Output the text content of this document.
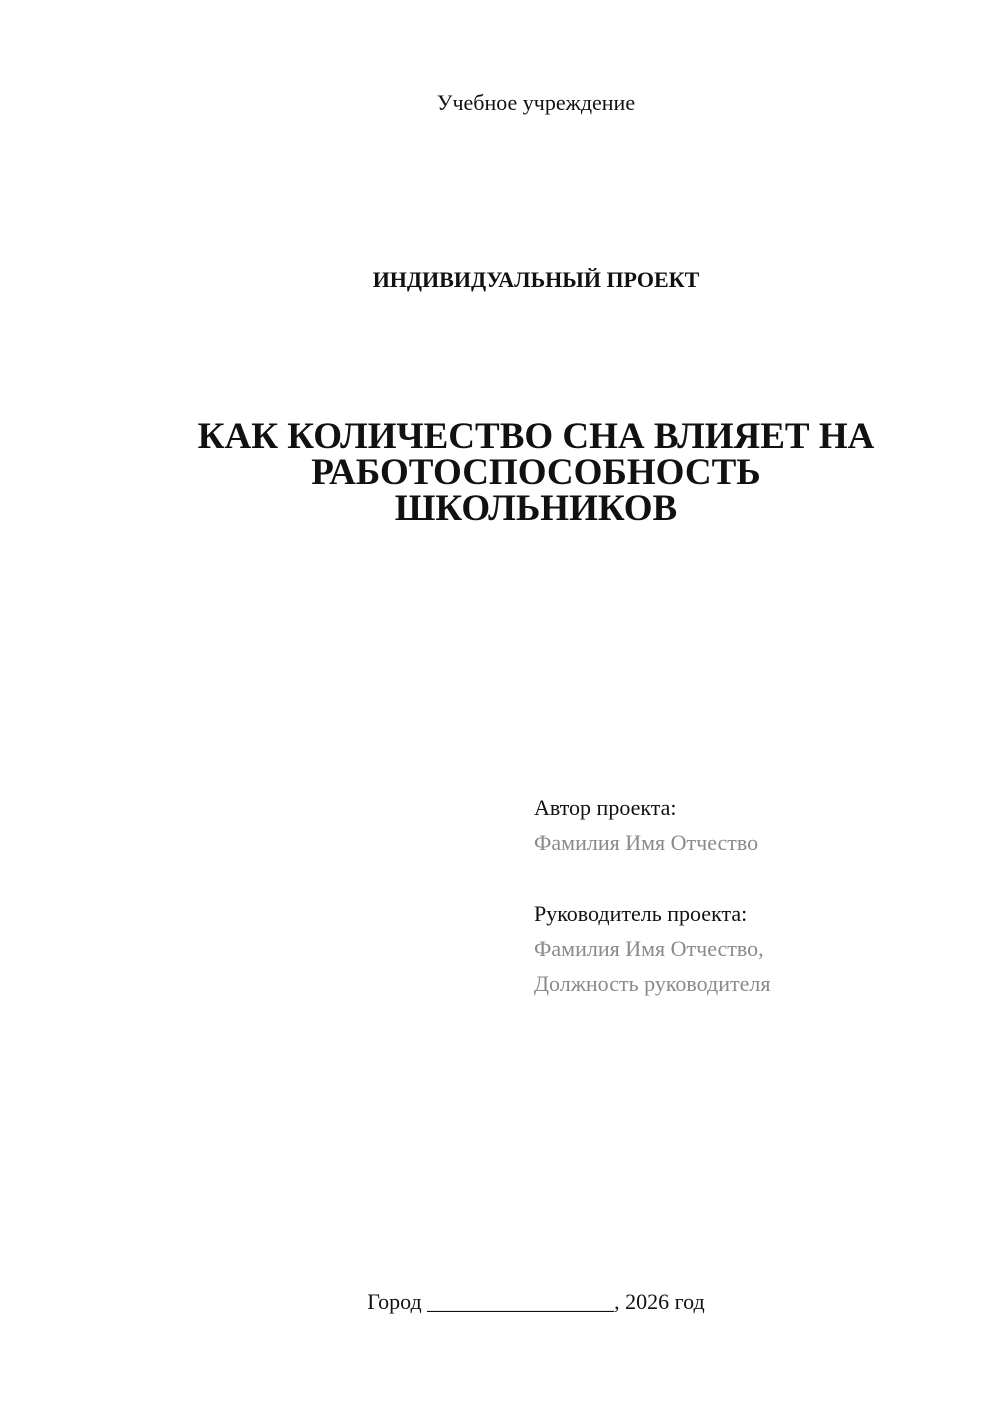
Учебное учреждение
ИНДИВИДУАЛЬНЫЙ ПРОЕКТ
КАК КОЛИЧЕСТВО СНА ВЛИЯЕТ НА
РАБОТОСПОСОБНОСТЬ
ШКОЛЬНИКОВ
Автор проекта:
Фамилия Имя Отчество
Руководитель проекта:
Фамилия Имя Отчество,
Должность руководителя
Город _________________, 2026 год
